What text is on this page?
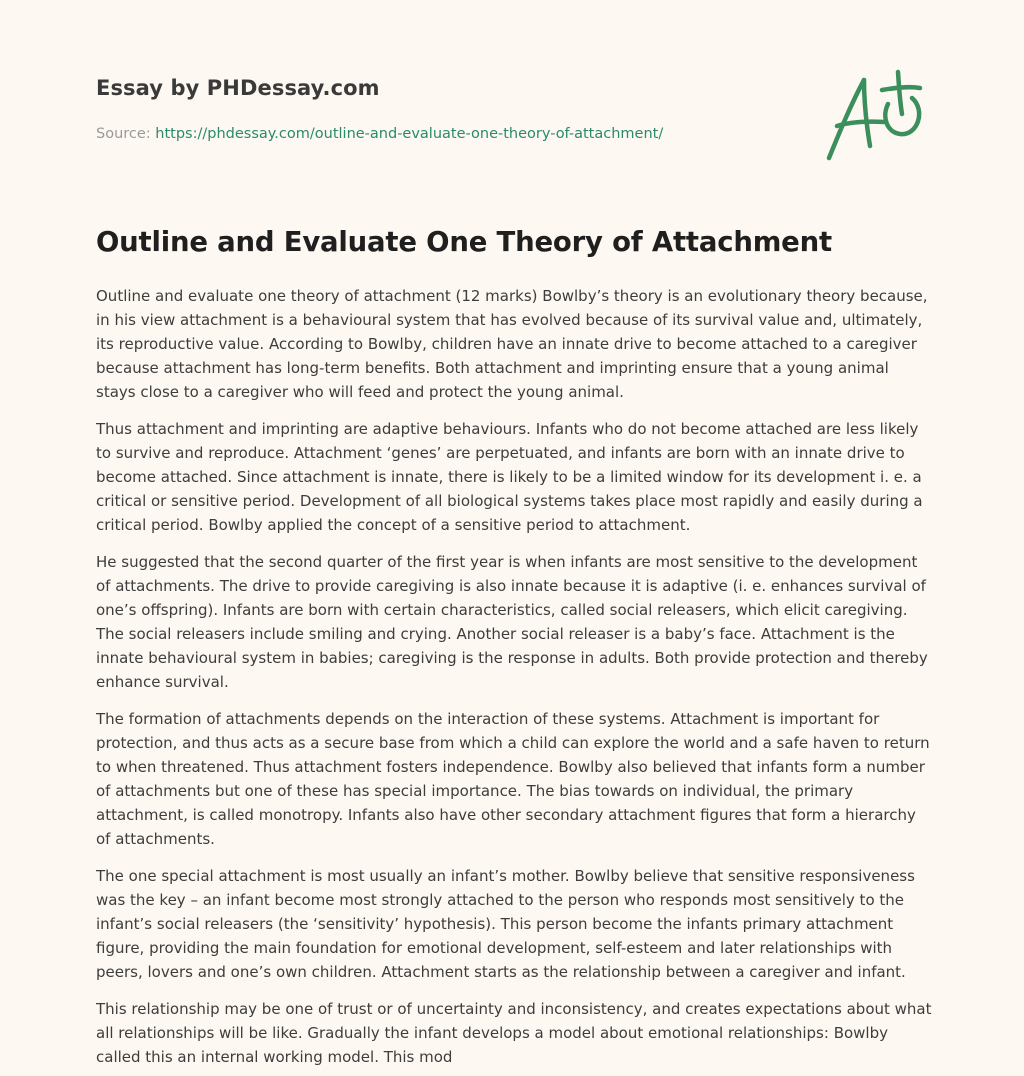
Essay by PHDessay.com
Source: https://phdessay.com/outline-and-evaluate-one-theory-of-attachment/
Outline and Evaluate One Theory of Attachment

Outline and evaluate one theory of attachment (12 marks) Bowlby’s theory is an evolutionary theory because, in his view attachment is a behavioural system that has evolved because of its survival value and, ultimately, its reproductive value. According to Bowlby, children have an innate drive to become attached to a caregiver because attachment has long-term benefits. Both attachment and imprinting ensure that a young animal stays close to a caregiver who will feed and protect the young animal.

Thus attachment and imprinting are adaptive behaviours. Infants who do not become attached are less likely to survive and reproduce. Attachment ‘genes’ are perpetuated, and infants are born with an innate drive to become attached. Since attachment is innate, there is likely to be a limited window for its development i. e. a critical or sensitive period. Development of all biological systems takes place most rapidly and easily during a critical period. Bowlby applied the concept of a sensitive period to attachment.

He suggested that the second quarter of the first year is when infants are most sensitive to the development of attachments. The drive to provide caregiving is also innate because it is adaptive (i. e. enhances survival of one’s offspring). Infants are born with certain characteristics, called social releasers, which elicit caregiving. The social releasers include smiling and crying. Another social releaser is a baby’s face. Attachment is the innate behavioural system in babies; caregiving is the response in adults. Both provide protection and thereby enhance survival.

The formation of attachments depends on the interaction of these systems. Attachment is important for protection, and thus acts as a secure base from which a child can explore the world and a safe haven to return to when threatened. Thus attachment fosters independence. Bowlby also believed that infants form a number of attachments but one of these has special importance. The bias towards on individual, the primary attachment, is called monotropy. Infants also have other secondary attachment figures that form a hierarchy of attachments.

The one special attachment is most usually an infant’s mother. Bowlby believe that sensitive responsiveness was the key – an infant become most strongly attached to the person who responds most sensitively to the infant’s social releasers (the ‘sensitivity’ hypothesis). This person become the infants primary attachment figure, providing the main foundation for emotional development, self-esteem and later relationships with peers, lovers and one’s own children. Attachment starts as the relationship between a caregiver and infant.

This relationship may be one of trust or of uncertainty and inconsistency, and creates expectations about what all relationships will be like. Gradually the infant develops a model about emotional relationships: Bowlby called this an internal working model. This mod
